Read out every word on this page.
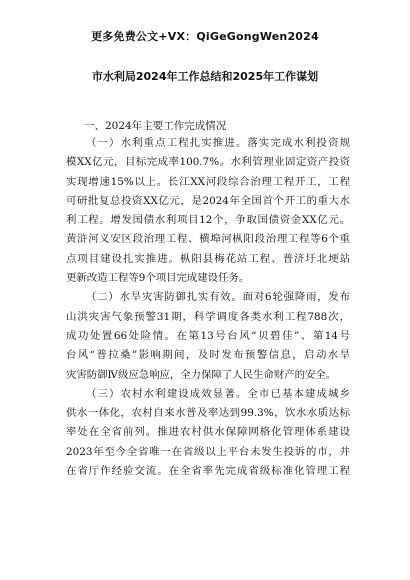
更多免费公文+VX：QiGeGongWen2024
市水利局2024年工作总结和2025年工作谋划
一、2024年主要工作完成情况
（一）水利重点工程扎实推进。落实完成水利投资规
模XX亿元，目标完成率100.7%。水利管理业固定资产投资
实现增速15%以上。长江XX河段综合治理工程开工，工程
可研批复总投资XX亿元，是2024年全国首个开工的重大水
利工程。增发国债水利项目12个，争取国债资金XX亿元。
黄浒河义安区段治理工程、横埠河枞阳段治理工程等6个重
点项目建设扎实推进。枞阳县梅花站工程、普济圩北埂站
更新改造工程等9个项目完成建设任务。
（二）水旱灾害防御扎实有效。面对6轮强降雨，发布
山洪灾害气象预警31期，科学调度各类水利工程788次，
成功处置66处险情。在第13号台风“贝碧佳”、第14号
台风“普拉桑”影响期间，及时发布预警信息，启动水旱
灾害防御Ⅳ级应急响应，全力保障了人民生命财产的安全。
（三）农村水利建设成效显著。全市已基本建成城乡
供水一体化，农村自来水普及率达到99.3%，饮水水质达标
率处在全省前列。推进农村供水保障网格化管理体系建设
2023年至今全省唯一在省级以上平台未发生投诉的市，并
在省厅作经验交流。在全省率先完成省级标准化管理工程
